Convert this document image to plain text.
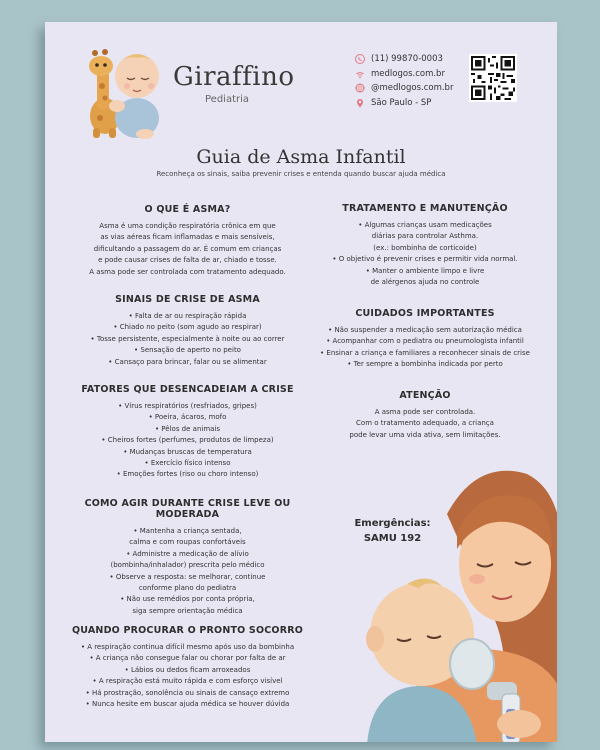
Giraffino
Pediatria
(11) 99870-0003
medlogos.com.br
@medlogos.com.br
São Paulo - SP
Guia de Asma Infantil
Reconheça os sinais, saiba prevenir crises e entenda quando buscar ajuda médica
O QUE É ASMA?
Asma é uma condição respiratória crônica em que
as vias aéreas ficam inflamadas e mais sensíveis,
dificultando a passagem do ar. É comum em crianças
e pode causar crises de falta de ar, chiado e tosse.
A asma pode ser controlada com tratamento adequado.
SINAIS DE CRISE DE ASMA
• Falta de ar ou respiração rápida
• Chiado no peito (som agudo ao respirar)
• Tosse persistente, especialmente à noite ou ao correr
• Sensação de aperto no peito
• Cansaço para brincar, falar ou se alimentar
FATORES QUE DESENCADEIAM A CRISE
• Vírus respiratórios (resfriados, gripes)
• Poeira, ácaros, mofo
• Pêlos de animais
• Cheiros fortes (perfumes, produtos de limpeza)
• Mudanças bruscas de temperatura
• Exercício físico intenso
• Emoções fortes (riso ou choro intenso)
COMO AGIR DURANTE CRISE LEVE OU MODERADA
• Mantenha a criança sentada,
calma e com roupas confortáveis
• Administre a medicação de alívio
(bombinha/inhalador) prescrita pelo médico
• Observe a resposta: se melhorar, continue
conforme plano do pediatra
• Não use remédios por conta própria,
siga sempre orientação médica
QUANDO PROCURAR O PRONTO SOCORRO
• A respiração continua difícil mesmo após uso da bombinha
• A criança não consegue falar ou chorar por falta de ar
• Lábios ou dedos ficam arroxeados
• A respiração está muito rápida e com esforço visível
• Há prostração, sonolência ou sinais de cansaço extremo
• Nunca hesite em buscar ajuda médica se houver dúvida
TRATAMENTO E MANUTENÇÃO
• Algumas crianças usam medicações
diárias para controlar Asthma.
(ex.: bombinha de corticoide)
• O objetivo é prevenir crises e permitir vida normal.
• Manter o ambiente limpo e livre
de alérgenos ajuda no controle
CUIDADOS IMPORTANTES
• Não suspender a medicação sem autorização médica
• Acompanhar com o pediatra ou pneumologista infantil
• Ensinar a criança e familiares a reconhecer sinais de crise
• Ter sempre a bombinha indicada por perto
ATENÇÃO
A asma pode ser controlada.
Com o tratamento adequado, a criança
pode levar uma vida ativa, sem limitações.
Emergências:
SAMU 192
